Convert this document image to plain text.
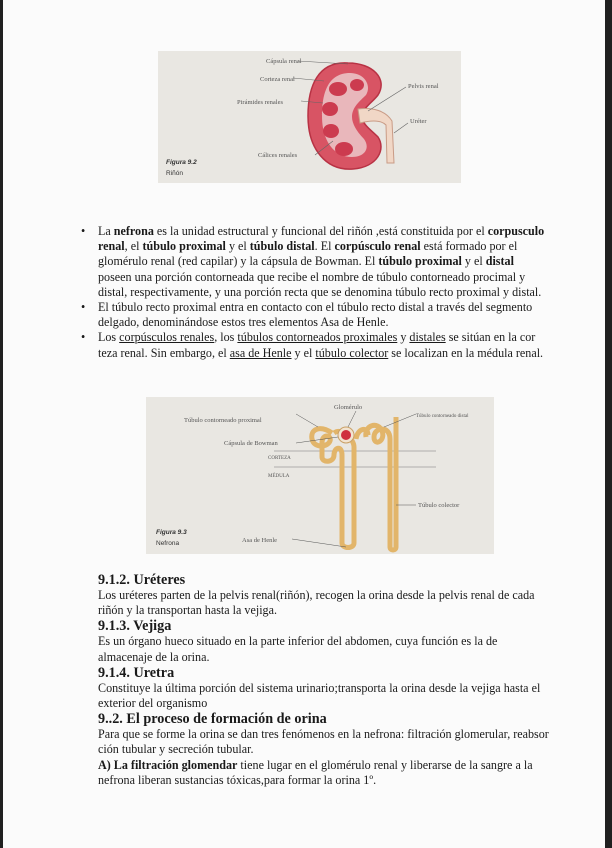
Cápsula renal
Corteza renal
Pirámides renales
Pelvis renal
Uréter
Cálices renales
Figura 9.2
Riñón
• La nefrona es la unidad estructural y funcional del riñón ,está constituida por el corpusculo renal, el túbulo proximal y el túbulo distal. El corpúsculo renal está formado por el glomérulo renal (red capilar) y la cápsula de Bowman. El túbulo proximal y el distal poseen una porción contorneada que recibe el nombre de túbulo contorneado procimal y distal, respectivamente, y una porción recta que se denomina túbulo recto proximal y distal.
• El túbulo recto proximal entra en contacto con el túbulo recto distal a través del segmento delgado, denominándose estos tres elementos Asa de Henle.
• Los corpúsculos renales, los túbulos contorneados proximales y distales se sitúan en la cor teza renal. Sin embargo, el asa de Henle y el túbulo colector se localizan en la médula renal.
Túbulo contorneado proximal
Glomérulo
Túbulo contorneado distal
Cápsula de Bowman
CORTEZA
MÉDULA
Túbulo colector
Asa de Henle
Figura 9.3
Nefrona
9.1.2. Uréteres

Los uréteres parten de la pelvis renal(riñón), recogen la orina desde la pelvis renal de cada riñón y la transportan hasta la vejiga.

9.1.3. Vejiga

Es un órgano hueco situado en la parte inferior del abdomen, cuya función es la de almacenaje de la orina.

9.1.4. Uretra

Constituye la última porción del sistema urinario;transporta la orina desde la vejiga hasta el exterior del organismo

9..2. El proceso de formación de orina

Para que se forme la orina se dan tres fenómenos en la nefrona: filtración glomerular, reabsor ción tubular y secreción tubular.

A) La filtración glomendar tiene lugar en el glomérulo renal y liberarse de la sangre a la nefrona liberan sustancias tóxicas,para formar la orina 1º.
